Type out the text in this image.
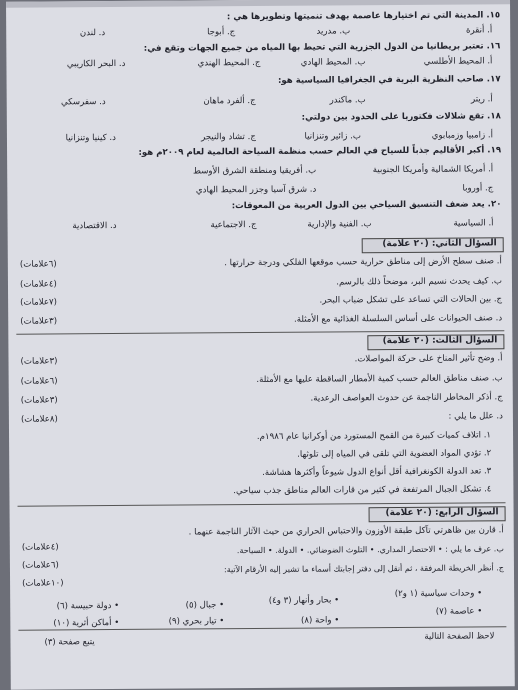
١٥. المدينة التي تم اختيارها عاصمة بهدف تنميتها وتطويرها هي :
أ. أنقرة
ب. مدريد
ج. أبوجا
د. لندن
١٦. تعتبر بريطانيا من الدول الجزرية التي تحيط بها المياه من جميع الجهات وتقع في:
أ. المحيط الأطلسي
ب. المحيط الهادي
ج. المحيط الهندي
د. البحر الكاريبي
١٧. صاحب النظرية البرية في الجغرافيا السياسية هو:
أ. ريتر
ب. ماكندر
ج. ألفرد ماهان
د. سفرسكي
١٨. تقع شلالات فكتوريا على الحدود بين دولتي:
أ. زامبيا وزمبابوي
ب. زائير وتنزانيا
ج. تشاد والنيجر
د. كينيا وتنزانيا
١٩. أكبر الأقاليم جذباً للسياح في العالم حسب منظمة السياحة العالمية لعام ٢٠٠٩م هو:
أ. أمريكا الشمالية وأمريكا الجنوبية
ب. أفريقيا ومنطقة الشرق الأوسط
ج. أوروبا
د. شرق آسيا وجزر المحيط الهادي
٢٠. يعد ضعف التنسيق السياحي بين الدول العربية من المعوقات:
أ. السياسية
ب. الفنية والإدارية
ج. الاجتماعية
د. الاقتصادية
السؤال الثاني: (٢٠ علامة)
أ. صنف سطح الأرض إلى مناطق حرارية حسب موقعها الفلكي ودرجة حرارتها .
(٦علامات)
ب. كيف يحدث نسيم البر، موضحاً ذلك بالرسم.
(٤علامات)
ج. بين الحالات التي تساعد على تشكل ضباب البحر.
(٧علامات)
د. صنف الحيوانات على أساس السلسلة الغذائية مع الأمثلة.
(٣علامات)
السؤال الثالث: (٢٠ علامة)
أ. وضح تأثير المناخ على حركة المواصلات.
(٣علامات)
ب. صنف مناطق العالم حسب كمية الأمطار الساقطة عليها مع الأمثلة.
(٦علامات)
ج. أذكر المخاطر الناجمة عن حدوث العواصف الرعدية.
(٣علامات)
د. علل ما يلي :
(٨علامات)
١. اتلاف كميات كبيرة من القمح المستورد من أوكرانيا عام ١٩٨٦م.
٢. تؤدي المواد العضوية التي تلقى في المياه إلى تلوثها.
٣. تعد الدولة الكونغرافية أقل أنواع الدول شيوعاً وأكثرها هشاشة.
٤. تشكل الجبال المرتفعة في كثير من قارات العالم مناطق جذب سياحي.
السؤال الرابع: (٢٠ علامة)
أ. قارن بين ظاهرتي تآكل طبقة الأوزون والاحتباس الحراري من حيث الآثار الناجمة عنهما .
(٤علامات)	ب. عرف ما يلي : • الاحتصار المداري. • التلوث الضوضائي. • الدولة. • السياحة.
(٦علامات)	ج. أنظر الخريطة المرفقة ، ثم أنقل إلى دفتر إجابتك أسماء ما تشير إليه الأرقام الآتية:
(١٠علامات)
• وحدات سياسية (١ و٢)
• بحار وأنهار (٣ و٤)
• جبال (٥)
• دولة حبيسة (٦)
• عاصمة (٧)
• واحة (٨)
• تيار بحري (٩)
• أماكن أثرية (١٠)
لاحظ الصفحة التالية
يتبع صفحة (٣)
